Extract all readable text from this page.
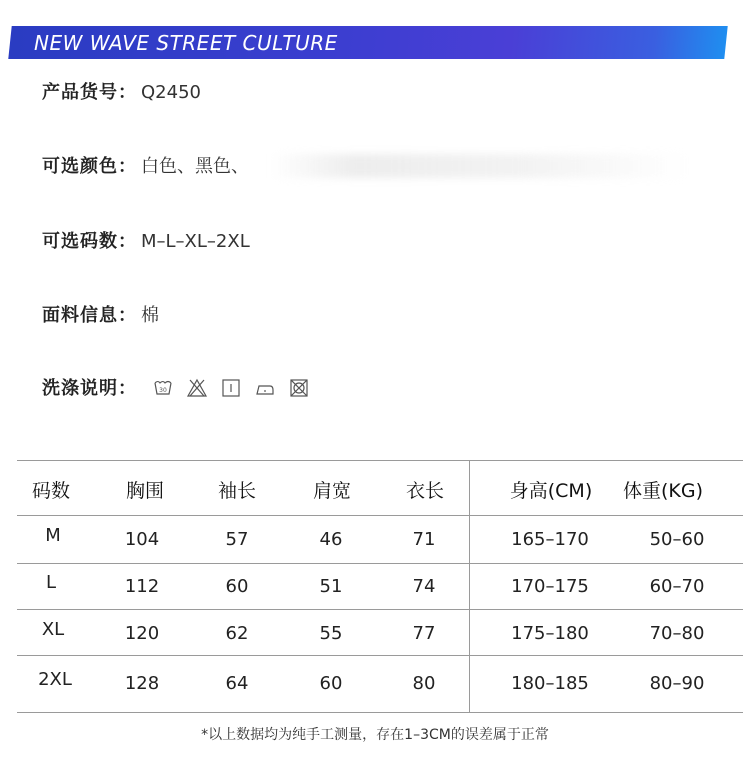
NEW WAVE STREET CULTURE
产品货号： Q2450
可选颜色： 白色、黑色、
可选码数： M–L–XL–2XL
面料信息： 棉
洗涤说明：	30
码数	胸围	袖长	肩宽	衣长	身高(CM)	体重(KG)
M	104	57	46	71	165–170	50–60
L	112	60	51	74	170–175	60–70
XL	120	62	55	77	175–180	70–80
2XL	128	64	60	80	180–185	80–90
*以上数据均为纯手工测量，存在1–3CM的误差属于正常
